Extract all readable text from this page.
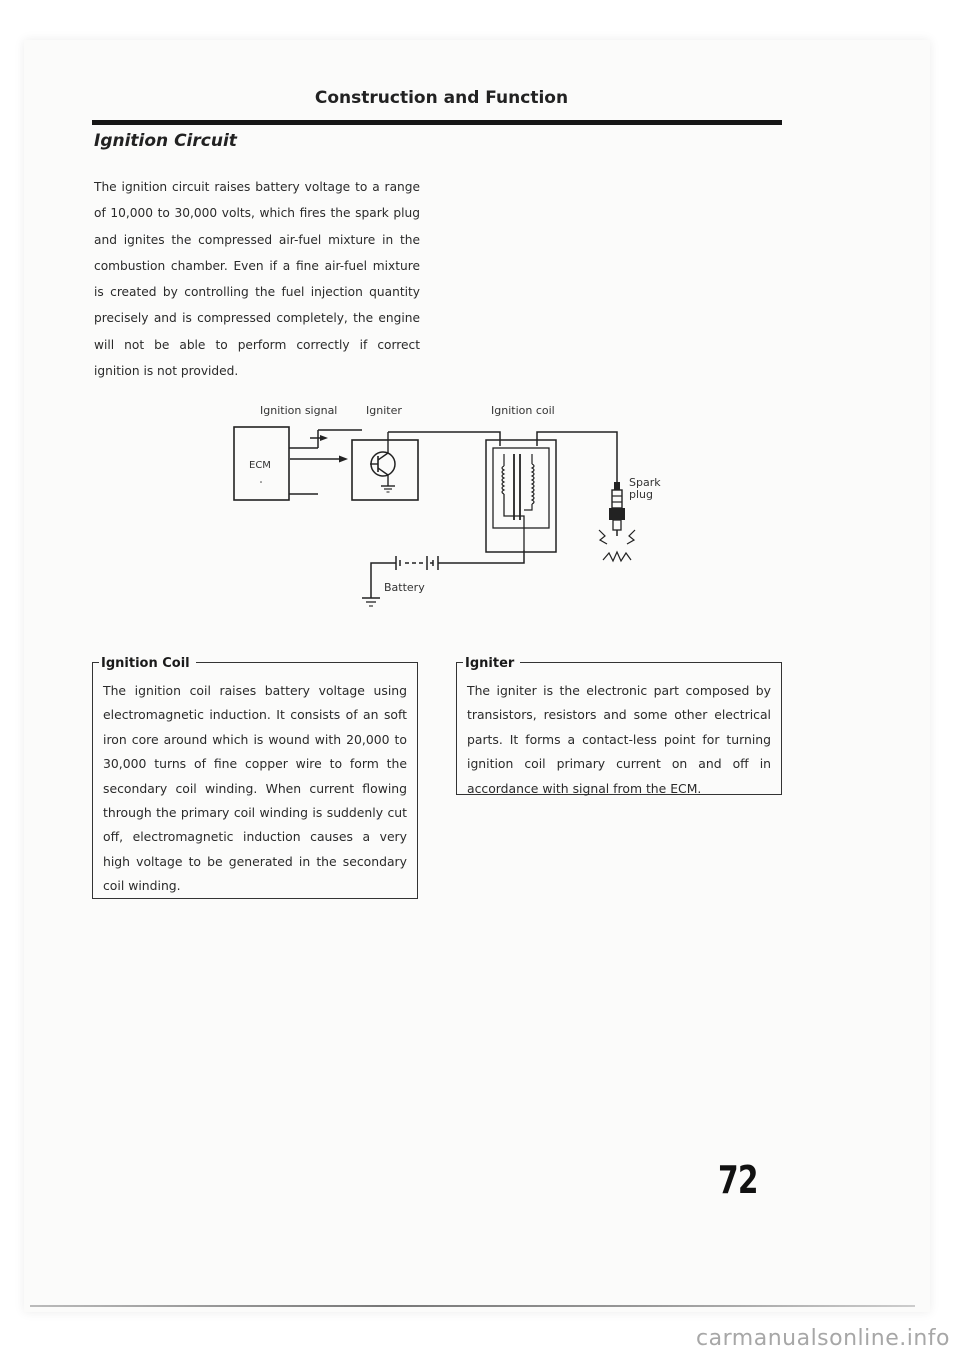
Construction and Function
Ignition Circuit
The ignition circuit raises battery voltage to a range of 10,000 to 30,000 volts, which fires the spark plug and ignites the compressed air-fuel mixture in the combustion chamber. Even if a fine air-fuel mixture is created by controlling the fuel injection quantity precisely and is compressed completely, the engine will not be able to perform correctly if correct ignition is not provided.
Ignition signal	Igniter	Ignition coil
ECM
Spark
plug
Battery
Ignition Coil
The ignition coil raises battery voltage using electromagnetic induction. It consists of an soft iron core around which is wound with 20,000 to 30,000 turns of fine copper wire to form the secondary coil winding. When current flowing through the primary coil winding is suddenly cut off, electromagnetic induction causes a very high voltage to be generated in the secondary coil winding.
Igniter
The igniter is the electronic part composed by transistors, resistors and some other electrical parts. It forms a contact-less point for turning ignition coil primary current on and off in accordance with signal from the ECM.
72
carmanualsonline.info
